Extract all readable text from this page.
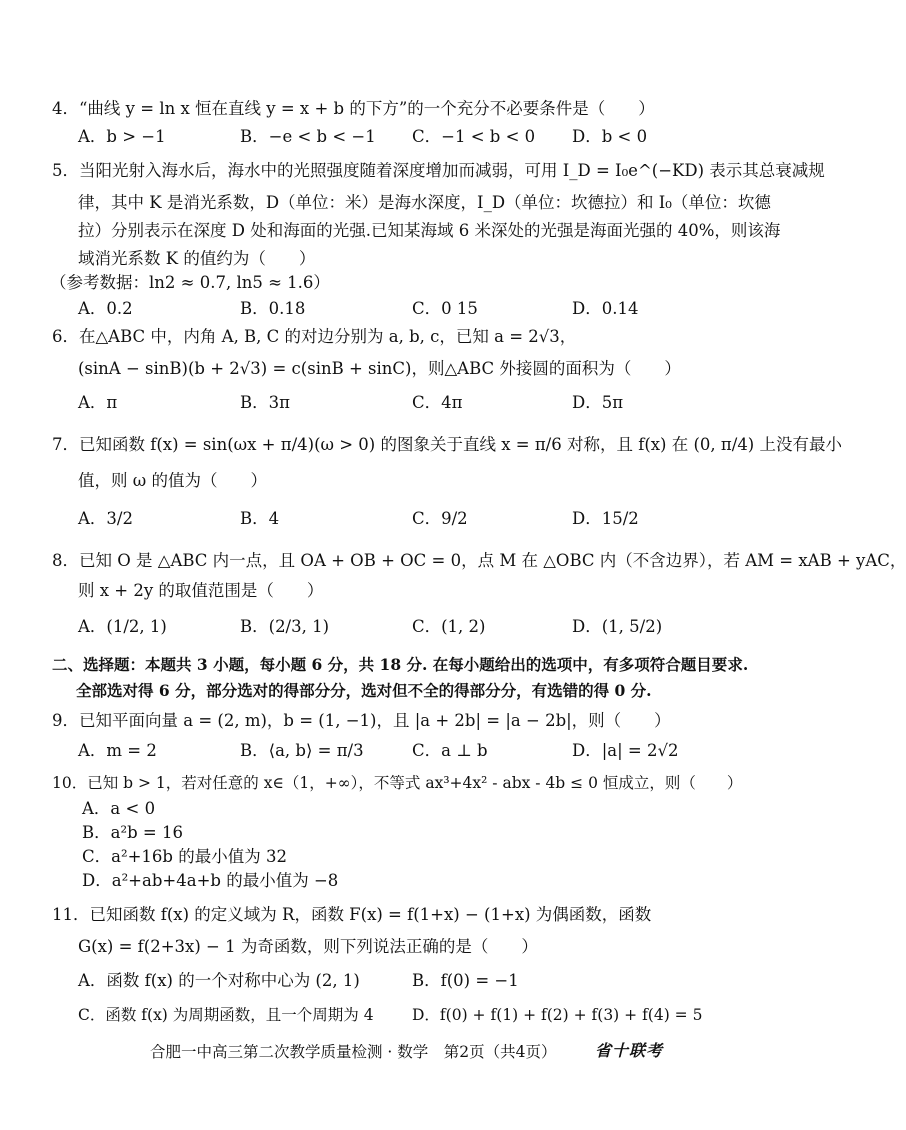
4．“曲线 y = ln x 恒在直线 y = x + b 的下方”的一个充分不必要条件是（　　）
A．b > −1	B．−e < b < −1 C．−1 < b < 0 D．b < 0
5．当阳光射入海水后，海水中的光照强度随着深度增加而减弱，可用 I_D = I₀e^(−KD) 表示其总衰减规
律，其中 K 是消光系数，D（单位：米）是海水深度，I_D（单位：坎德拉）和 I₀（单位：坎德
拉）分别表示在深度 D 处和海面的光强.已知某海域 6 米深处的光强是海面光强的 40%，则该海
域消光系数 K 的值约为（　　）
（参考数据：ln2 ≈ 0.7, ln5 ≈ 1.6）
A．0.2	B．0.18	C．0 15	D．0.14
6．在△ABC 中，内角 A, B, C 的对边分别为 a, b, c，已知 a = 2√3，
(sinA − sinB)(b + 2√3) = c(sinB + sinC)，则△ABC 外接圆的面积为（　　）
A．π	B．3π	C．4π	D．5π
7．已知函数 f(x) = sin(ωx + π/4)(ω > 0) 的图象关于直线 x = π/6 对称，且 f(x) 在 (0, π/4) 上没有最小
值，则 ω 的值为（　　）
A．3/2	B．4	C．9/2	D．15/2
8．已知 O 是 △ABC 内一点，且 OA + OB + OC = 0，点 M 在 △OBC 内（不含边界），若 AM = xAB + yAC，
则 x + 2y 的取值范围是（　　）
A．(1/2, 1)	B．(2/3, 1)	C．(1, 2)	D．(1, 5/2)
二、选择题：本题共 3 小题，每小题 6 分，共 18 分. 在每小题给出的选项中，有多项符合题目要求.
全部选对得 6 分，部分选对的得部分分，选对但不全的得部分分，有选错的得 0 分.
9．已知平面向量 a = (2, m)，b = (1, −1)，且 |a + 2b| = |a − 2b|，则（　　）
A．m = 2	B．⟨a, b⟩ = π/3	C．a ⊥ b	D．|a| = 2√2
10．已知 b > 1，若对任意的 x∈（1，+∞），不等式 ax³+4x² - abx - 4b ≤ 0 恒成立，则（　　）
A．a < 0
B．a²b = 16
C．a²+16b 的最小值为 32
D．a²+ab+4a+b 的最小值为 −8
11．已知函数 f(x) 的定义域为 R，函数 F(x) = f(1+x) − (1+x) 为偶函数，函数
G(x) = f(2+3x) − 1 为奇函数，则下列说法正确的是（　　）
A．函数 f(x) 的一个对称中心为 (2, 1)	B．f(0) = −1
C．函数 f(x) 为周期函数，且一个周期为 4 D．f(0) + f(1) + f(2) + f(3) + f(4) = 5
合肥一中高三第二次教学质量检测 · 数学　第2页（共4页） 省十联考
